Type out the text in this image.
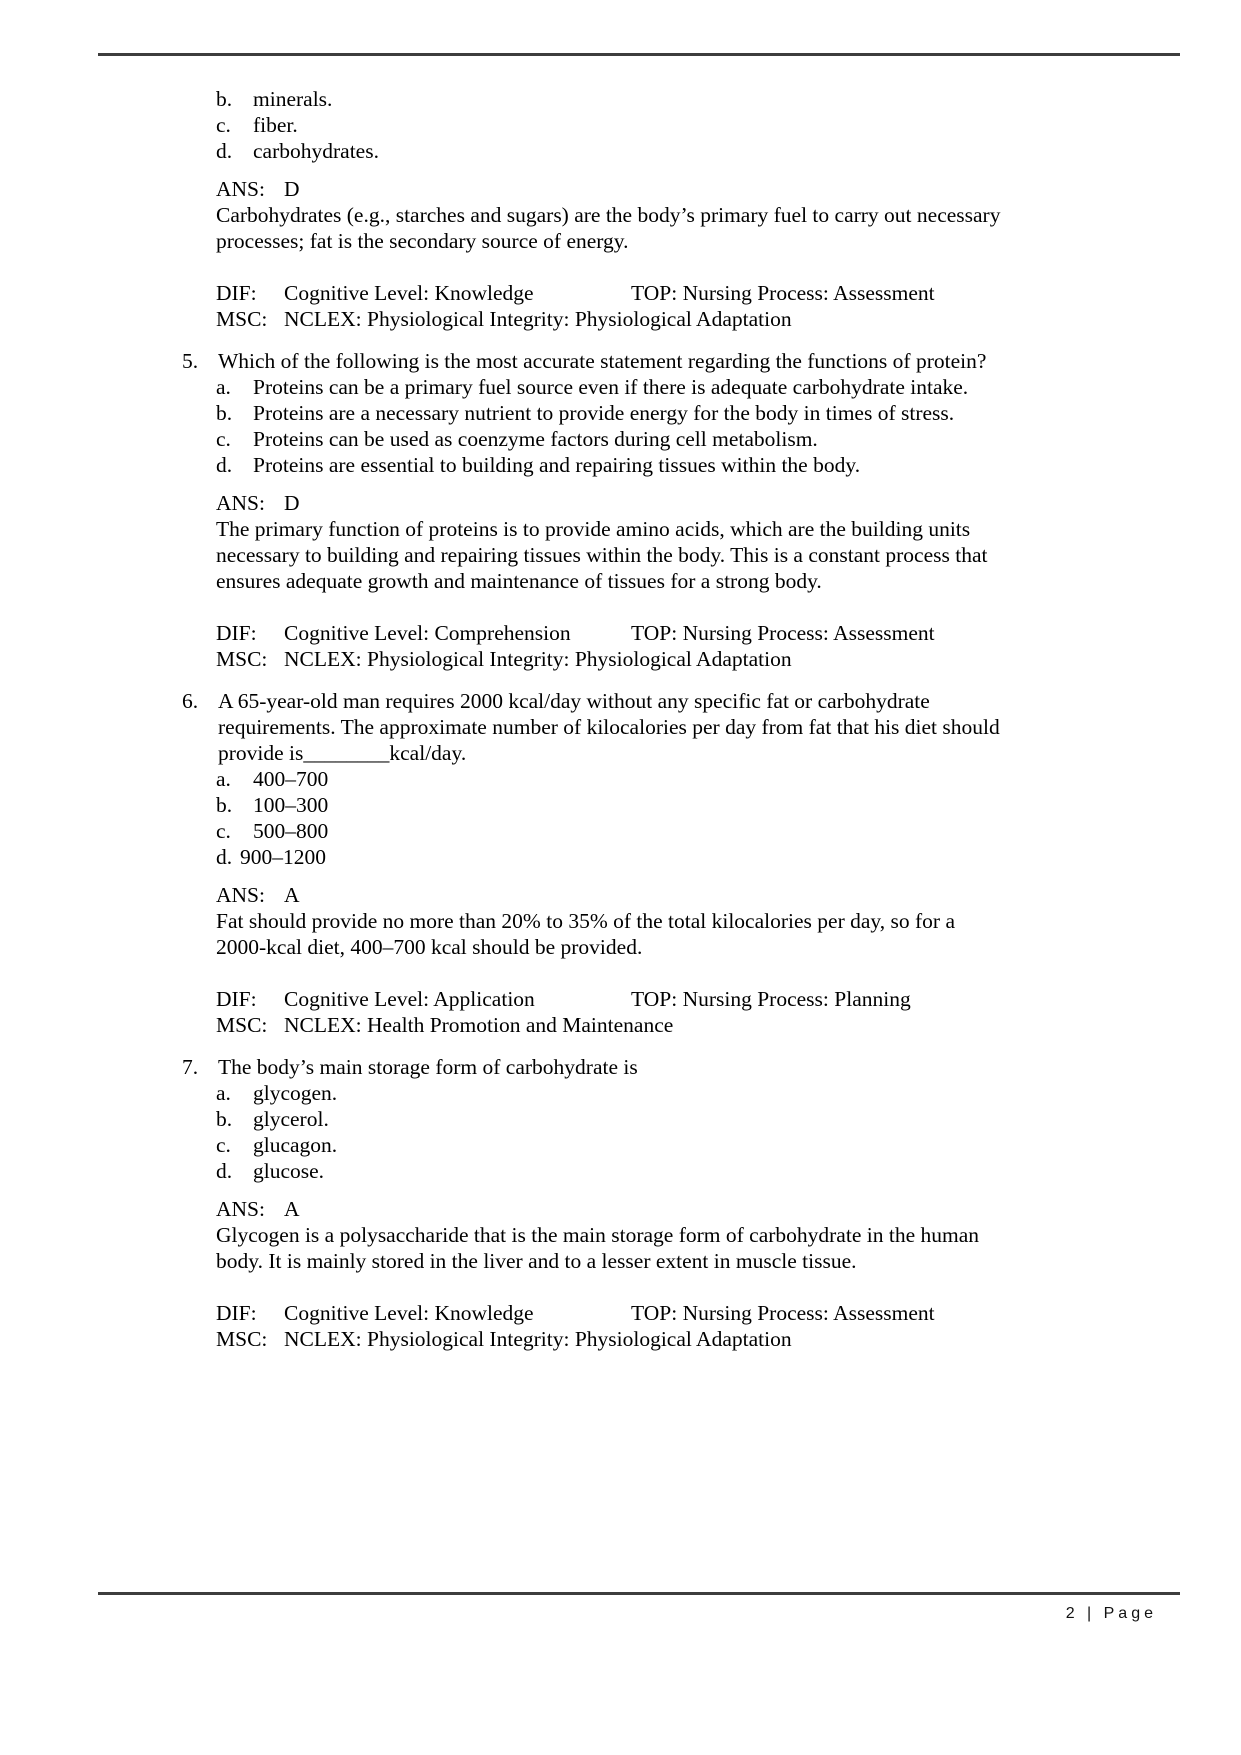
b. minerals.
c.	fiber.
d. carbohydrates.
ANS: D
Carbohydrates (e.g., starches and sugars) are the body’s primary fuel to carry out necessary
processes; fat is the secondary source of energy.
DIF:	Cognitive Level: Knowledge	TOP: Nursing Process: Assessment
MSC: NCLEX: Physiological Integrity: Physiological Adaptation
5. Which of the following is the most accurate statement regarding the functions of protein?
a.	Proteins can be a primary fuel source even if there is adequate carbohydrate intake.
b. Proteins are a necessary nutrient to provide energy for the body in times of stress.
c.	Proteins can be used as coenzyme factors during cell metabolism.
d. Proteins are essential to building and repairing tissues within the body.
ANS: D
The primary function of proteins is to provide amino acids, which are the building units
necessary to building and repairing tissues within the body. This is a constant process that
ensures adequate growth and maintenance of tissues for a strong body.
DIF:	Cognitive Level: Comprehension	TOP: Nursing Process: Assessment
MSC: NCLEX: Physiological Integrity: Physiological Adaptation
6. A 65-year-old man requires 2000 kcal/day without any specific fat or carbohydrate
requirements. The approximate number of kilocalories per day from fat that his diet should
provide is________kcal/day.
a.	400–700
b. 100–300
c.	500–800
d. 900–1200
ANS: A
Fat should provide no more than 20% to 35% of the total kilocalories per day, so for a
2000-kcal diet, 400–700 kcal should be provided.
DIF:	Cognitive Level: Application	TOP: Nursing Process: Planning
MSC: NCLEX: Health Promotion and Maintenance
7. The body’s main storage form of carbohydrate is
a.	glycogen.
b. glycerol.
c.	glucagon.
d. glucose.
ANS: A
Glycogen is a polysaccharide that is the main storage form of carbohydrate in the human
body. It is mainly stored in the liver and to a lesser extent in muscle tissue.
DIF:	Cognitive Level: Knowledge	TOP: Nursing Process: Assessment
MSC: NCLEX: Physiological Integrity: Physiological Adaptation
2 | Page
